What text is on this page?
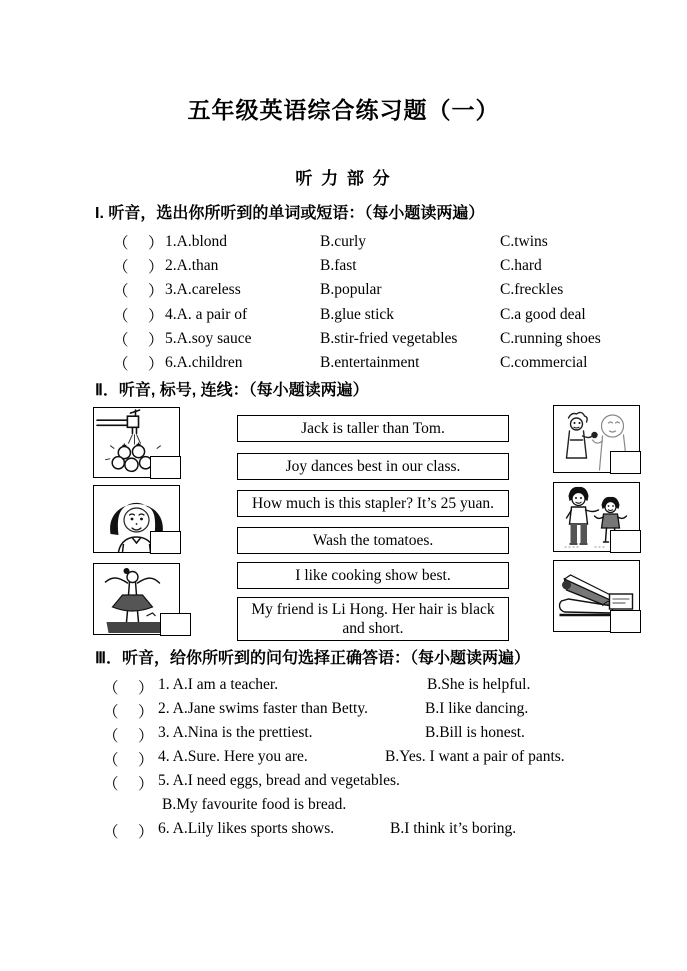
五年级英语综合练习题（一）
听 力 部 分
I. 听音，选出你所听到的单词或短语：（每小题读两遍）
（　） 1.A.blond	B.curly	C.twins
（　） 2.A.than	B.fast	C.hard
（　） 3.A.careless	B.popular	C.freckles
（　） 4.A. a pair of	B.glue stick	C.a good deal
（　） 5.A.soy sauce	B.stir-fried vegetables	C.running shoes
（　） 6.A.children	B.entertainment	C.commercial
Ⅱ．听音, 标号, 连线：（每小题读两遍）
Jack is taller than Tom.
Joy dances best in our class.
How much is this stapler? It’s 25 yuan.
Wash the tomatoes.
I like cooking show best.
My friend is Li Hong. Her hair is black and short.
Ⅲ．听音，给你所听到的问句选择正确答语：（每小题读两遍）
（　） 1. A.I am a teacher.	B.She is helpful.
（　） 2. A.Jane swims faster than Betty.	B.I like dancing.
（　） 3. A.Nina is the prettiest.	B.Bill is honest.
（　） 4. A.Sure. Here you are.	B.Yes. I want a pair of pants.
（　） 5. A.I need eggs, bread and vegetables.
B.My favourite food is bread.
（　） 6. A.Lily likes sports shows.	B.I think it’s boring.
